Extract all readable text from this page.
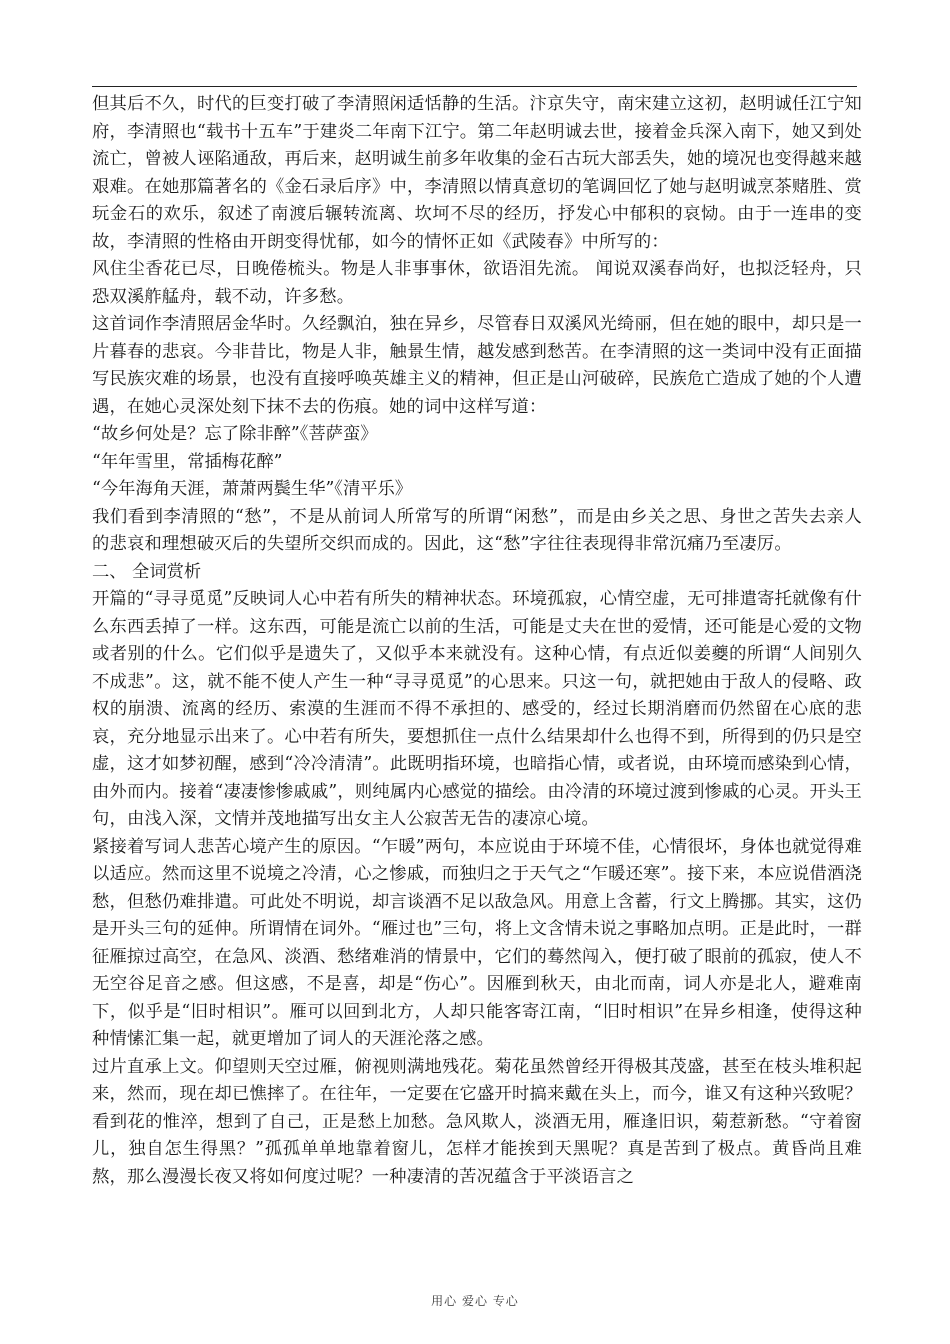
但其后不久，时代的巨变打破了李清照闲适恬静的生活。汴京失守，南宋建立这初，赵明诚任江宁知府，李清照也“载书十五车”于建炎二年南下江宁。第二年赵明诚去世，接着金兵深入南下，她又到处流亡，曾被人诬陷通敌，再后来，赵明诚生前多年收集的金石古玩大部丢失，她的境况也变得越来越艰难。在她那篇著名的《金石录后序》中，李清照以情真意切的笔调回忆了她与赵明诚烹茶赌胜、赏玩金石的欢乐，叙述了南渡后辗转流离、坎坷不尽的经历，抒发心中郁积的哀恸。由于一连串的变故，李清照的性格由开朗变得忧郁，如今的情怀正如《武陵春》中所写的：

风住尘香花已尽，日晚倦梳头。物是人非事事休，欲语泪先流。 闻说双溪春尚好，也拟泛轻舟，只恐双溪舴艋舟，载不动，许多愁。

这首词作李清照居金华时。久经飘泊，独在异乡，尽管春日双溪风光绮丽，但在她的眼中，却只是一片暮春的悲哀。今非昔比，物是人非，触景生情，越发感到愁苦。在李清照的这一类词中没有正面描写民族灾难的场景，也没有直接呼唤英雄主义的精神，但正是山河破碎，民族危亡造成了她的个人遭遇，在她心灵深处刻下抹不去的伤痕。她的词中这样写道：

“故乡何处是？忘了除非醉”《菩萨蛮》

“年年雪里，常插梅花醉”

“今年海角天涯，萧萧两鬓生华”《清平乐》

我们看到李清照的“愁”，不是从前词人所常写的所谓“闲愁”，而是由乡关之思、身世之苦失去亲人的悲哀和理想破灭后的失望所交织而成的。因此，这“愁”字往往表现得非常沉痛乃至凄厉。

二、 全词赏析

开篇的“寻寻觅觅”反映词人心中若有所失的精神状态。环境孤寂，心情空虚，无可排遣寄托就像有什么东西丢掉了一样。这东西，可能是流亡以前的生活，可能是丈夫在世的爱情，还可能是心爱的文物或者别的什么。它们似乎是遗失了，又似乎本来就没有。这种心情，有点近似姜夔的所谓“人间别久不成悲”。这，就不能不使人产生一种“寻寻觅觅”的心思来。只这一句，就把她由于敌人的侵略、政权的崩溃、流离的经历、索漠的生涯而不得不承担的、感受的，经过长期消磨而仍然留在心底的悲哀，充分地显示出来了。心中若有所失，要想抓住一点什么结果却什么也得不到，所得到的仍只是空虚，这才如梦初醒，感到“冷冷清清”。此既明指环境，也暗指心情，或者说，由环境而感染到心情，由外而内。接着“凄凄惨惨戚戚”，则纯属内心感觉的描绘。由冷清的环境过渡到惨戚的心灵。开头王句，由浅入深，文情并茂地描写出女主人公寂苦无告的凄凉心境。

紧接着写词人悲苦心境产生的原因。“乍暖”两句，本应说由于环境不佳，心情很坏，身体也就觉得难以适应。然而这里不说境之冷清，心之惨戚，而独归之于天气之“乍暖还寒”。接下来，本应说借酒浇愁，但愁仍难排遣。可此处不明说，却言谈酒不足以敌急风。用意上含蓄，行文上腾挪。其实，这仍是开头三句的延伸。所谓情在词外。“雁过也”三句，将上文含情未说之事略加点明。正是此时，一群征雁掠过高空，在急风、淡酒、愁绪难消的情景中，它们的蓦然闯入，便打破了眼前的孤寂，使人不无空谷足音之感。但这感，不是喜，却是“伤心”。因雁到秋天，由北而南，词人亦是北人，避难南下，似乎是“旧时相识”。雁可以回到北方，人却只能客寄江南，“旧时相识”在异乡相逢，使得这种种情愫汇集一起，就更增加了词人的天涯沦落之感。

过片直承上文。仰望则天空过雁，俯视则满地残花。菊花虽然曾经开得极其茂盛，甚至在枝头堆积起来，然而，现在却已憔摔了。在往年，一定要在它盛开时搞来戴在头上，而今，谁又有这种兴致呢？看到花的惟淬，想到了自己，正是愁上加愁。急风欺人，淡酒无用，雁逢旧识，菊惹新愁。“守着窗儿，独自怎生得黑？”孤孤单单地靠着窗儿，怎样才能挨到天黑呢？真是苦到了极点。黄昏尚且难熬，那么漫漫长夜又将如何度过呢？一种凄清的苦况蕴含于平淡语言之

用心 爱心 专心
